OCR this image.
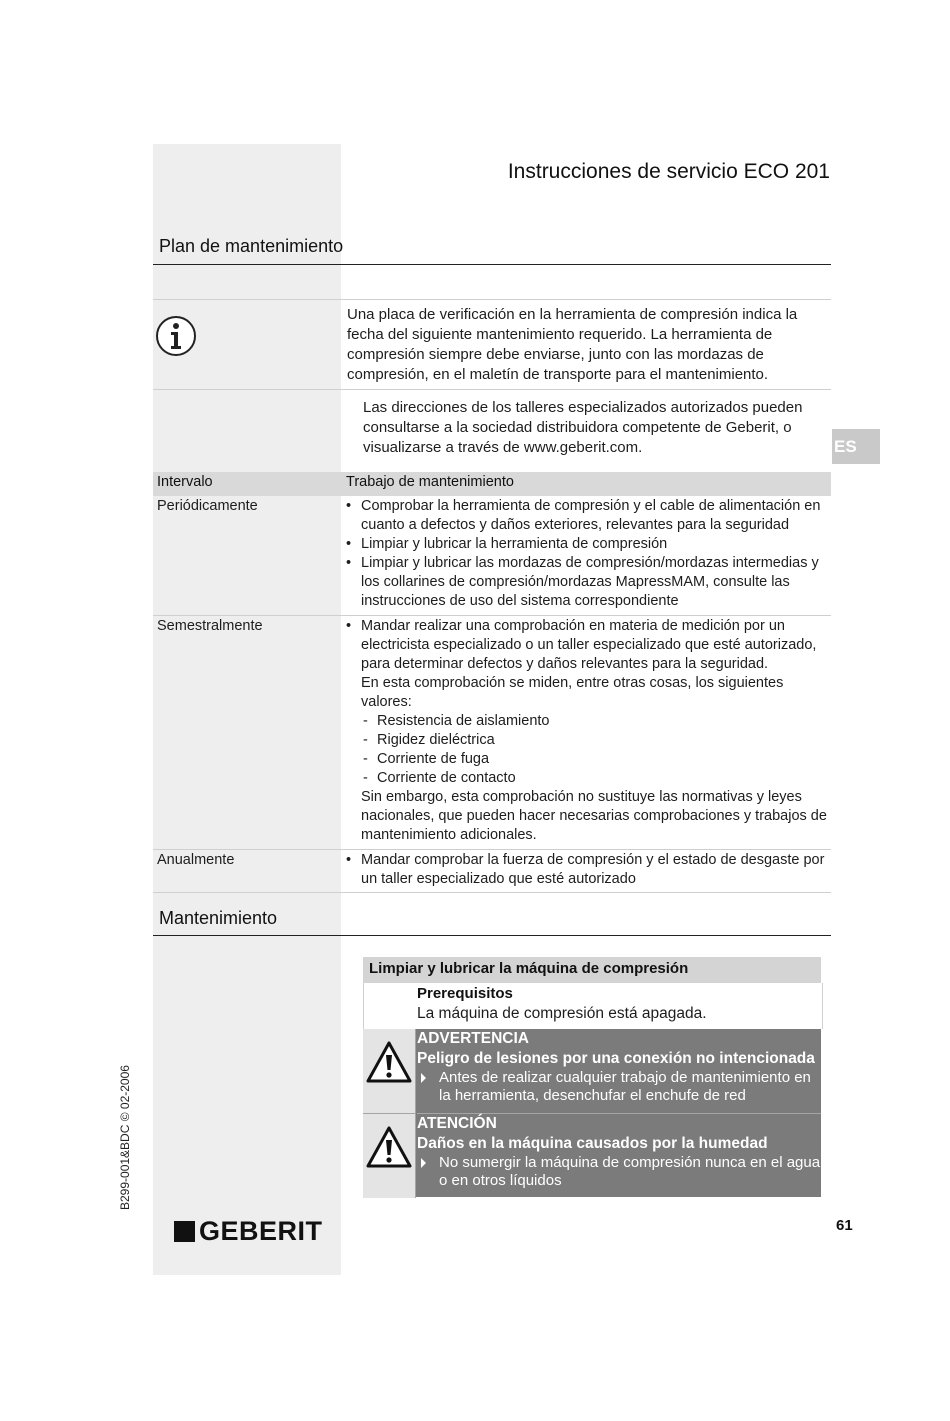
Instrucciones de servicio ECO 201
Plan de mantenimiento
Una placa de verificación en la herramienta de compresión indica la fecha del siguiente mantenimiento requerido. La herramienta de compresión siempre debe enviarse, junto con las mordazas de compresión, en el maletín de transporte para el mantenimiento.
Las direcciones de los talleres especializados autorizados pueden consultarse a la sociedad distribuidora competente de Geberit, o visualizarse a través de www.geberit.com.	ES
Intervalo	Trabajo de mantenimiento
Periódicamente	• Comprobar la herramienta de compresión y el cable de alimentación en cuanto a defectos y daños exteriores, relevantes para la seguridad
• Limpiar y lubricar la herramienta de compresión
• Limpiar y lubricar las mordazas de compresión/mordazas intermedias y los collarines de compresión/mordazas MapressMAM, consulte las instrucciones de uso del sistema correspondiente
Semestralmente	• Mandar realizar una comprobación en materia de medición por un electricista especializado o un taller especializado que esté autorizado, para determinar defectos y daños relevantes para la seguridad.
En esta comprobación se miden, entre otras cosas, los siguientes valores:
- Resistencia de aislamiento
- Rigidez dieléctrica
- Corriente de fuga
- Corriente de contacto
Sin embargo, esta comprobación no sustituye las normativas y leyes nacionales, que pueden hacer necesarias comprobaciones y trabajos de mantenimiento adicionales.
Anualmente	• Mandar comprobar la fuerza de compresión y el estado de desgaste por un taller especializado que esté autorizado
Mantenimiento
Limpiar y lubricar la máquina de compresión
Prerequisitos
La máquina de compresión está apagada.
ADVERTENCIA
Peligro de lesiones por una conexión no intencionada
Antes de realizar cualquier trabajo de mantenimiento en la herramienta, desenchufar el enchufe de red
ATENCIÓN
Daños en la máquina causados por la humedad
No sumergir la máquina de compresión nunca en el agua o en otros líquidos
B299-001&BDC © 02-2006
GEBERIT	61
